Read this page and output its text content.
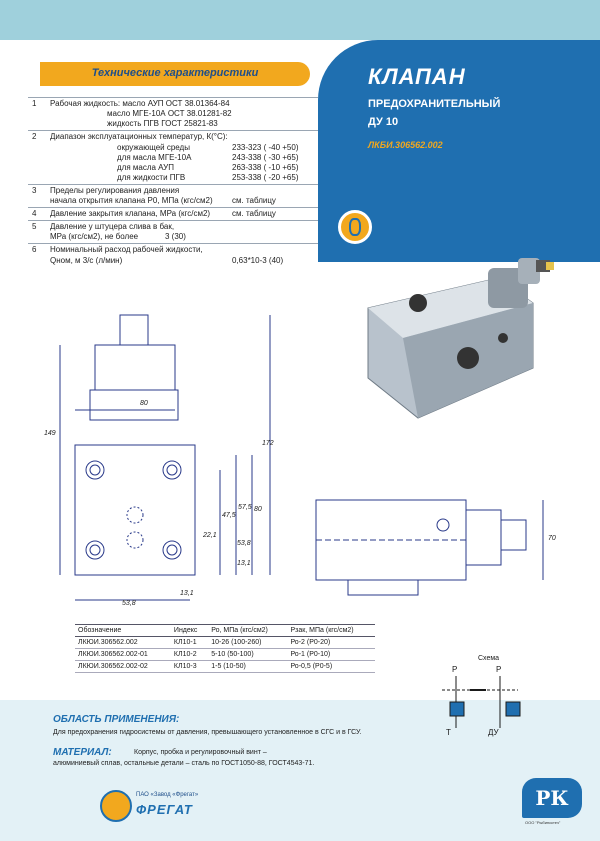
Технические характеристики	КЛАПАН
ПРЕДОХРАНИТЕЛЬНЫЙ
ДУ 10
ЛКБИ.306562.002
1 Рабочая жидкость: масло АУП ОСТ 38.01364-84
масло МГЕ-10А ОСТ 38.01281-82
жидкость ПГВ ГОСТ 25821-83
2 Диапазон эксплуатационных температур, К(°С):
окружающей среды	233-323 ( -40 +50)
для масла МГЕ-10А	243-338 ( -30 +65)
для масла АУП	263-338 ( -10 +65)
для жидкости ПГВ	253-338 ( -20 +65)
3 Пределы регулирования давления
начала открытия клапана Р0, МПа (кгс/см2) см. таблицу
4 Давление закрытия клапана, МРа (кгс/см2)	см. таблицу
5 Давление у штуцера слива в бак,
МРа (кгс/см2), не более	3 (30)
6 Номинальный расход рабочей жидкости,
Qном, м 3/с (л/мин)	0,63*10-3 (40)
80
149
172
47,5
57,5 80
22,1
53,8
13,1
13,1
53,8
70
Обозначение	Индекс	Ро, МПа (кгс/см2)	Рзак, МПа (кгс/см2)
ЛКЮИ.306562.002	КЛ10-1	10-26 (100-260)	Ро-2 (Р0-20)
ЛКЮИ.306562.002-01	КЛ10-2	5-10 (50-100)	Ро-1 (Р0-10)
ЛКЮИ.306562.002-02	КЛ10-3	1-5 (10-50)	Ро-0,5 (Р0-5)
Схема
Р	Р
Т	ДУ
ОБЛАСТЬ ПРИМЕНЕНИЯ:
Для предохранения гидросистемы от давления, превышающего установленное в СГС и в ГСУ.
МАТЕРИАЛ:	Корпус, пробка и регулировочный винт –
алюминиевый сплав, остальные детали – сталь по ГОСТ1050-88, ГОСТ4543-71.
ПАО «Завод «Фрегат»
ФРЕГАТ	РК
ООО "Рыбинсктеч"
